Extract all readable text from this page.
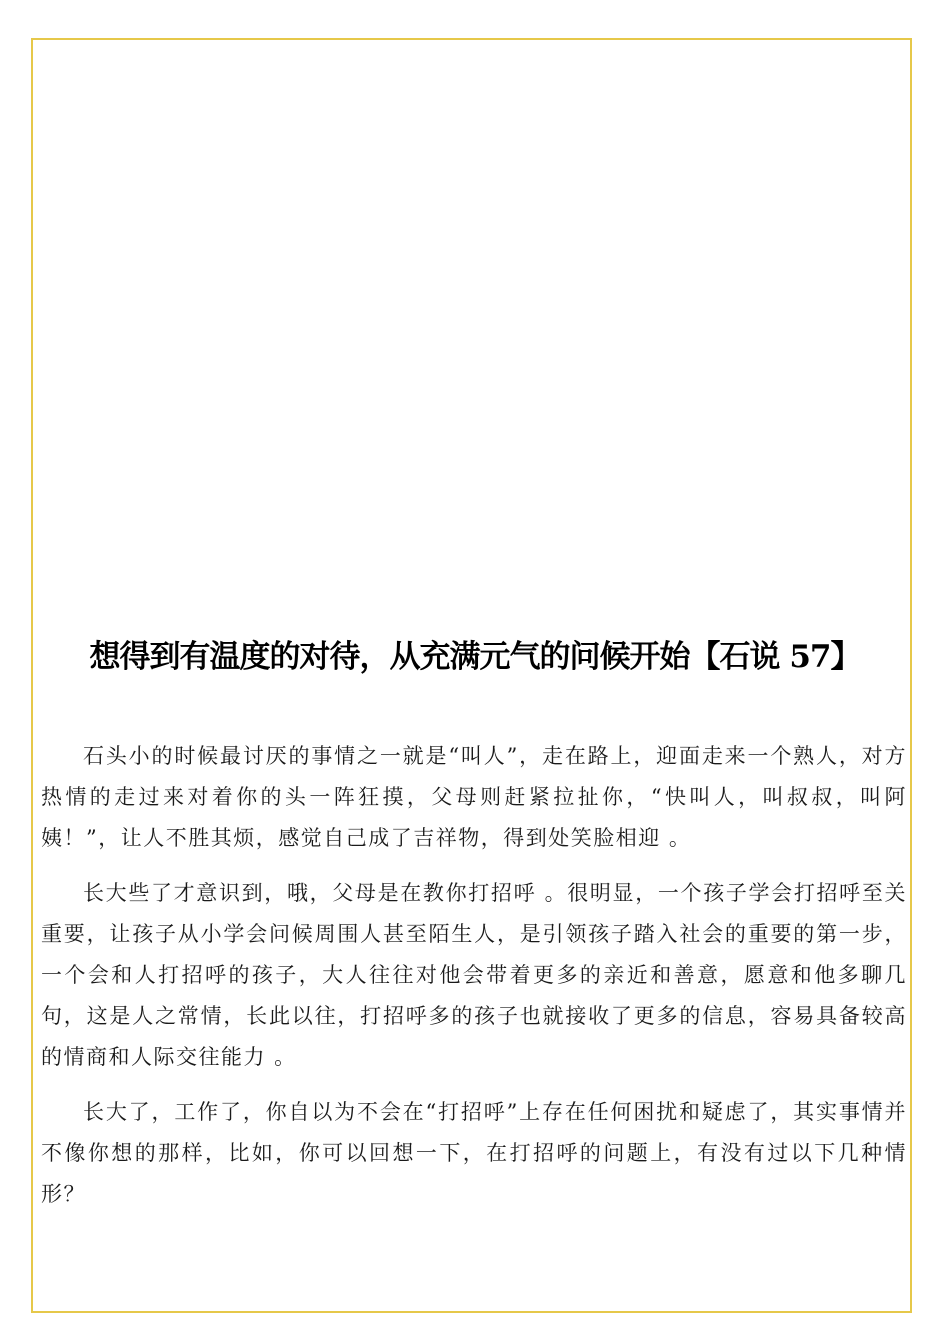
想得到有温度的对待，从充满元气的问候开始【石说 57】

石头小的时候最讨厌的事情之一就是“叫人”，走在路上，迎面走来一个熟人，对方热情的走过来对着你的头一阵狂摸，父母则赶紧拉扯你，“快叫人，叫叔叔，叫阿姨！”，让人不胜其烦，感觉自己成了吉祥物，得到处笑脸相迎 。

长大些了才意识到，哦，父母是在教你打招呼 。很明显，一个孩子学会打招呼至关重要，让孩子从小学会问候周围人甚至陌生人，是引领孩子踏入社会的重要的第一步，一个会和人打招呼的孩子，大人往往对他会带着更多的亲近和善意，愿意和他多聊几句，这是人之常情，长此以往，打招呼多的孩子也就接收了更多的信息，容易具备较高的情商和人际交往能力 。

长大了，工作了，你自以为不会在“打招呼”上存在任何困扰和疑虑了，其实事情并不像你想的那样，比如，你可以回想一下，在打招呼的问题上，有没有过以下几种情形？
